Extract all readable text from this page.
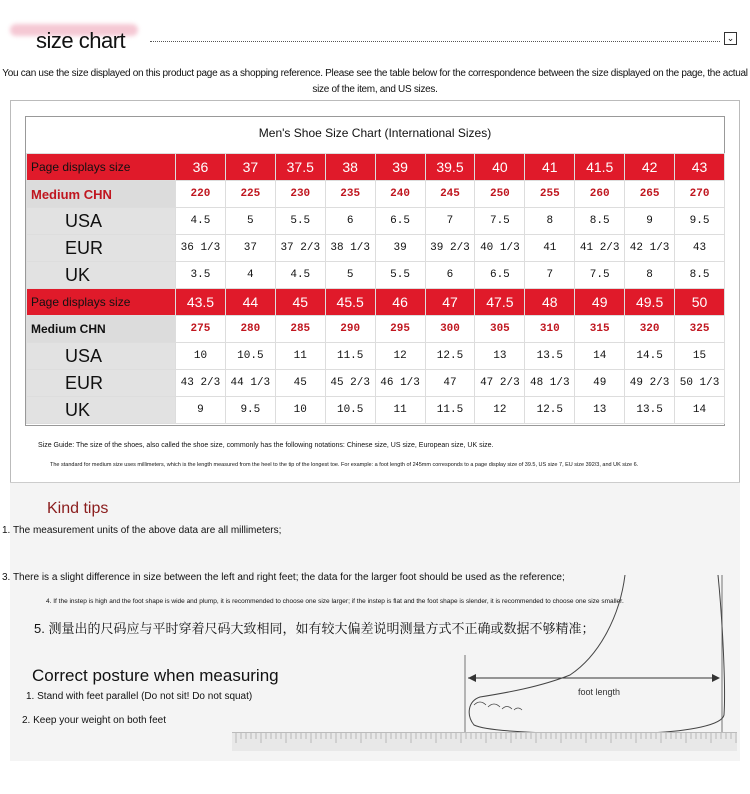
size chart	⌄
You can use the size displayed on this product page as a shopping reference. Please see the table below for the correspondence between the size displayed on the page, the actual size of the item, and US sizes.
Men's Shoe Size Chart (International Sizes)
Page displays size	36	37	37.5	38	39	39.5	40	41	41.5	42	43
Medium CHN	220	225	230	235	240	245	250	255	260	265	270
USA	4.5	5	5.5	6	6.5	7	7.5	8	8.5	9	9.5
EUR	36 1/3	37	37 2/3	38 1/3	39	39 2/3	40 1/3	41	41 2/3	42 1/3	43
UK	3.5	4	4.5	5	5.5	6	6.5	7	7.5	8	8.5
Page displays size	43.5	44	45	45.5	46	47	47.5	48	49	49.5	50
Medium CHN	275	280	285	290	295	300	305	310	315	320	325
USA	10	10.5	11	11.5	12	12.5	13	13.5	14	14.5	15
EUR	43 2/3	44 1/3	45	45 2/3	46 1/3	47	47 2/3	48 1/3	49	49 2/3	50 1/3
UK	9	9.5	10	10.5	11	11.5	12	12.5	13	13.5	14
Size Guide: The size of the shoes, also called the shoe size, commonly has the following notations: Chinese size, US size, European size, UK size.
The standard for medium size uses millimeters, which is the length measured from the heel to the tip of the longest toe. For example: a foot length of 245mm corresponds to a page display size of 39.5, US size 7, EU size 392/3, and UK size 6.
Kind tips
1. The measurement units of the above data are all millimeters;
3. There is a slight difference in size between the left and right feet; the data for the larger foot should be used as the reference;
4. If the instep is high and the foot shape is wide and plump, it is recommended to choose one size larger; if the instep is flat and the foot shape is slender, it is recommended to choose one size smaller.
5. 测量出的尺码应与平时穿着尺码大致相同，如有较大偏差说明测量方式不正确或数据不够精准；
Correct posture when measuring
1. Stand with feet parallel (Do not sit! Do not squat)
2. Keep your weight on both feet
foot length
